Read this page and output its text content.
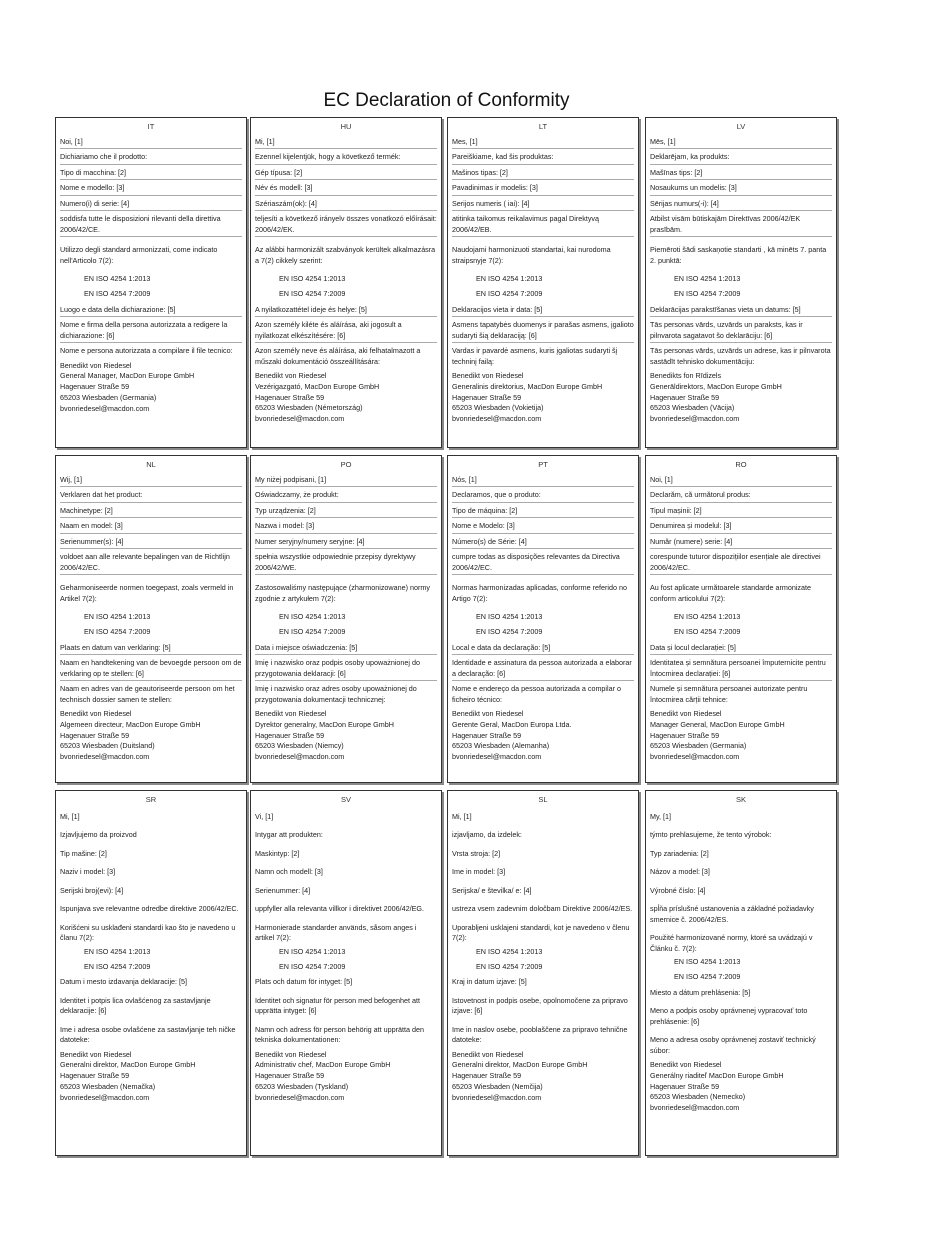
EC Declaration of Conformity
IT
Noi, [1]
Dichiariamo che il prodotto:
Tipo di macchina: [2]
Nome e modello: [3]
Numero(i) di serie: [4]
soddisfa tutte le disposizioni rilevanti della direttiva 2006/42/CE.
Utilizzo degli standard armonizzati, come indicato nell'Articolo 7(2):
EN ISO 4254 1:2013
EN ISO 4254 7:2009
Luogo e data della dichiarazione: [5]
Nome e firma della persona autorizzata a redigere la dichiarazione: [6]
Nome e persona autorizzata a compilare il file tecnico:
Benedikt von Riedesel
General Manager, MacDon Europe GmbH
Hagenauer Straße 59
65203 Wiesbaden (Germania)
bvonriedesel@macdon.com
HU
Mi, [1]
Ezennel kijelentjük, hogy a következő termék:
Gép típusa: [2]
Név és modell: [3]
Szériaszám(ok): [4]
teljesíti a következő irányelv összes vonatkozó előírásait: 2006/42/EK.
Az alábbi harmonizált szabványok kerültek alkalmazásra a 7(2) cikkely szerint:
EN ISO 4254 1:2013
EN ISO 4254 7:2009
A nyilatkozattétel ideje és helye: [5]
Azon személy kiléte és aláírása, aki jogosult a nyilatkozat elkészítésére: [6]
Azon személy neve és aláírása, aki felhatalmazott a műszaki dokumentáció összeállítására:
Benedikt von Riedesel
Vezérigazgató, MacDon Europe GmbH
Hagenauer Straße 59
65203 Wiesbaden (Németország)
bvonriedesel@macdon.com
LT
Mes, [1]
Pareiškiame, kad šis produktas:
Mašinos tipas: [2]
Pavadinimas ir modelis: [3]
Serijos numeris ( iai): [4]
atitinka taikomus reikalavimus pagal Direktyvą 2006/42/EB.
Naudojami harmonizuoti standartai, kai nurodoma straipsnyje 7(2):
EN ISO 4254 1:2013
EN ISO 4254 7:2009
Deklaracijos vieta ir data: [5]
Asmens tapatybės duomenys ir parašas asmens, įgalioto sudaryti šią deklaraciją: [6]
Vardas ir pavardė asmens, kuris įgaliotas sudaryti šį techninį failą:
Benedikt von Riedesel
Generalinis direktorius, MacDon Europe GmbH
Hagenauer Straße 59
65203 Wiesbaden (Vokietija)
bvonriedesel@macdon.com
LV
Mēs, [1]
Deklarējam, ka produkts:
Mašīnas tips: [2]
Nosaukums un modelis: [3]
Sērijas numurs(-i): [4]
Atbilst visām būtiskajām Direktīvas 2006/42/EK prasībām.
Piemēroti šādi saskaņotie standarti , kā minēts 7. panta 2. punktā:
EN ISO 4254 1:2013
EN ISO 4254 7:2009
Deklarācijas parakstīšanas vieta un datums: [5]
Tās personas vārds, uzvārds un paraksts, kas ir pilnvarota sagatavot šo deklarāciju: [6]
Tās personas vārds, uzvārds un adrese, kas ir pilnvarota sastādīt tehnisko dokumentāciju:
Benedikts fon Rīdizels
Generāldirektors, MacDon Europe GmbH
Hagenauer Straße 59
65203 Wiesbaden (Vācija)
bvonriedesel@macdon.com
NL
Wij, [1]
Verklaren dat het product:
Machinetype: [2]
Naam en model: [3]
Serienummer(s): [4]
voldoet aan alle relevante bepalingen van de Richtlijn 2006/42/EC.
Geharmoniseerde normen toegepast, zoals vermeld in Artikel 7(2):
EN ISO 4254 1:2013
EN ISO 4254 7:2009
Plaats en datum van verklaring: [5]
Naam en handtekening van de bevoegde persoon om de verklaring op te stellen: [6]
Naam en adres van de geautoriseerde persoon om het technisch dossier samen te stellen:
Benedikt von Riedesel
Algemeen directeur, MacDon Europe GmbH
Hagenauer Straße 59
65203 Wiesbaden (Duitsland)
bvonriedesel@macdon.com
PO
My niżej podpisani, [1]
Oświadczamy, że produkt:
Typ urządzenia: [2]
Nazwa i model: [3]
Numer seryjny/numery seryjne: [4]
spełnia wszystkie odpowiednie przepisy dyrektywy 2006/42/WE.
Zastosowaliśmy następujące (zharmonizowane) normy zgodnie z artykułem 7(2):
EN ISO 4254 1:2013
EN ISO 4254 7:2009
Data i miejsce oświadczenia: [5]
Imię i nazwisko oraz podpis osoby upoważnionej do przygotowania deklaracji: [6]
Imię i nazwisko oraz adres osoby upoważnionej do przygotowania dokumentacji technicznej:
Benedikt von Riedesel
Dyrektor generalny, MacDon Europe GmbH
Hagenauer Straße 59
65203 Wiesbaden (Niemcy)
bvonriedesel@macdon.com
PT
Nós, [1]
Declaramos, que o produto:
Tipo de máquina: [2]
Nome e Modelo: [3]
Número(s) de Série: [4]
cumpre todas as disposições relevantes da Directiva 2006/42/EC.
Normas harmonizadas aplicadas, conforme referido no Artigo 7(2):
EN ISO 4254 1:2013
EN ISO 4254 7:2009
Local e data da declaração: [5]
Identidade e assinatura da pessoa autorizada a elaborar a declaração: [6]
Nome e endereço da pessoa autorizada a compilar o ficheiro técnico:
Benedikt von Riedesel
Gerente Geral, MacDon Europa Ltda.
Hagenauer Straße 59
65203 Wiesbaden (Alemanha)
bvonriedesel@macdon.com
RO
Noi, [1]
Declarăm, că următorul produs:
Tipul mașinii: [2]
Denumirea și modelul: [3]
Număr (numere) serie: [4]
corespunde tuturor dispozițiilor esențiale ale directivei 2006/42/EC.
Au fost aplicate următoarele standarde armonizate conform articolului 7(2):
EN ISO 4254 1:2013
EN ISO 4254 7:2009
Data și locul declarației: [5]
Identitatea și semnătura persoanei împuternicite pentru întocmirea declarației: [6]
Numele și semnătura persoanei autorizate pentru întocmirea cărții tehnice:
Benedikt von Riedesel
Manager General, MacDon Europe GmbH
Hagenauer Straße 59
65203 Wiesbaden (Germania)
bvonriedesel@macdon.com
SR
Mi, [1]
Izjavljujemo da proizvod
Tip mašine: [2]
Naziv i model: [3]
Serijski broj(evi): [4]
Ispunjava sve relevantne odredbe direktive 2006/42/EC.
Korišćeni su usklađeni standardi kao što je navedeno u članu 7(2):
EN ISO 4254 1:2013
EN ISO 4254 7:2009
Datum i mesto izdavanja deklaracije: [5]
Identitet i potpis lica ovlašćenog za sastavljanje deklaracije: [6]
Ime i adresa osobe ovlašćene za sastavljanje teh ničke datoteke:
Benedikt von Riedesel
Generalni direktor, MacDon Europe GmbH
Hagenauer Straße 59
65203 Wiesbaden (Nemačka)
bvonriedesel@macdon.com
SV
Vi, [1]
Intygar att produkten:
Maskintyp: [2]
Namn och modell: [3]
Serienummer: [4]
uppfyller alla relevanta villkor i direktivet 2006/42/EG.
Harmonierade standarder används, såsom anges i artikel 7(2):
EN ISO 4254 1:2013
EN ISO 4254 7:2009
Plats och datum för intyget: [5]
Identitet och signatur för person med befogenhet att upprätta intyget: [6]
Namn och adress för person behörig att upprätta den tekniska dokumentationen:
Benedikt von Riedesel
Administrativ chef, MacDon Europe GmbH
Hagenauer Straße 59
65203 Wiesbaden (Tyskland)
bvonriedesel@macdon.com
SL
Mi, [1]
izjavljamo, da izdelek:
Vrsta stroja: [2]
Ime in model: [3]
Serijska/ e številka/ e: [4]
ustreza vsem zadevnim določbam Direktive 2006/42/ES.
Uporabljeni usklajeni standardi, kot je navedeno v členu 7(2):
EN ISO 4254 1:2013
EN ISO 4254 7:2009
Kraj in datum izjave: [5]
Istovetnost in podpis osebe, opolnomočene za pripravo izjave: [6]
Ime in naslov osebe, pooblaščene za pripravo tehnične datoteke:
Benedikt von Riedesel
Generalni direktor, MacDon Europe GmbH
Hagenauer Straße 59
65203 Wiesbaden (Nemčija)
bvonriedesel@macdon.com
SK
My, [1]
týmto prehlasujeme, že tento výrobok:
Typ zariadenia: [2]
Názov a model: [3]
Výrobné číslo: [4]
spĺňa príslušné ustanovenia a základné požiadavky smernice č. 2006/42/ES.
Použité harmonizované normy, ktoré sa uvádzajú v Článku č. 7(2):
EN ISO 4254 1:2013
EN ISO 4254 7:2009
Miesto a dátum prehlásenia: [5]
Meno a podpis osoby oprávnenej vypracovať toto prehlásenie: [6]
Meno a adresa osoby oprávnenej zostaviť technický súbor:
Benedikt von Riedesel
Generálny riaditeľ MacDon Europe GmbH
Hagenauer Straße 59
65203 Wiesbaden (Nemecko)
bvonriedesel@macdon.com
